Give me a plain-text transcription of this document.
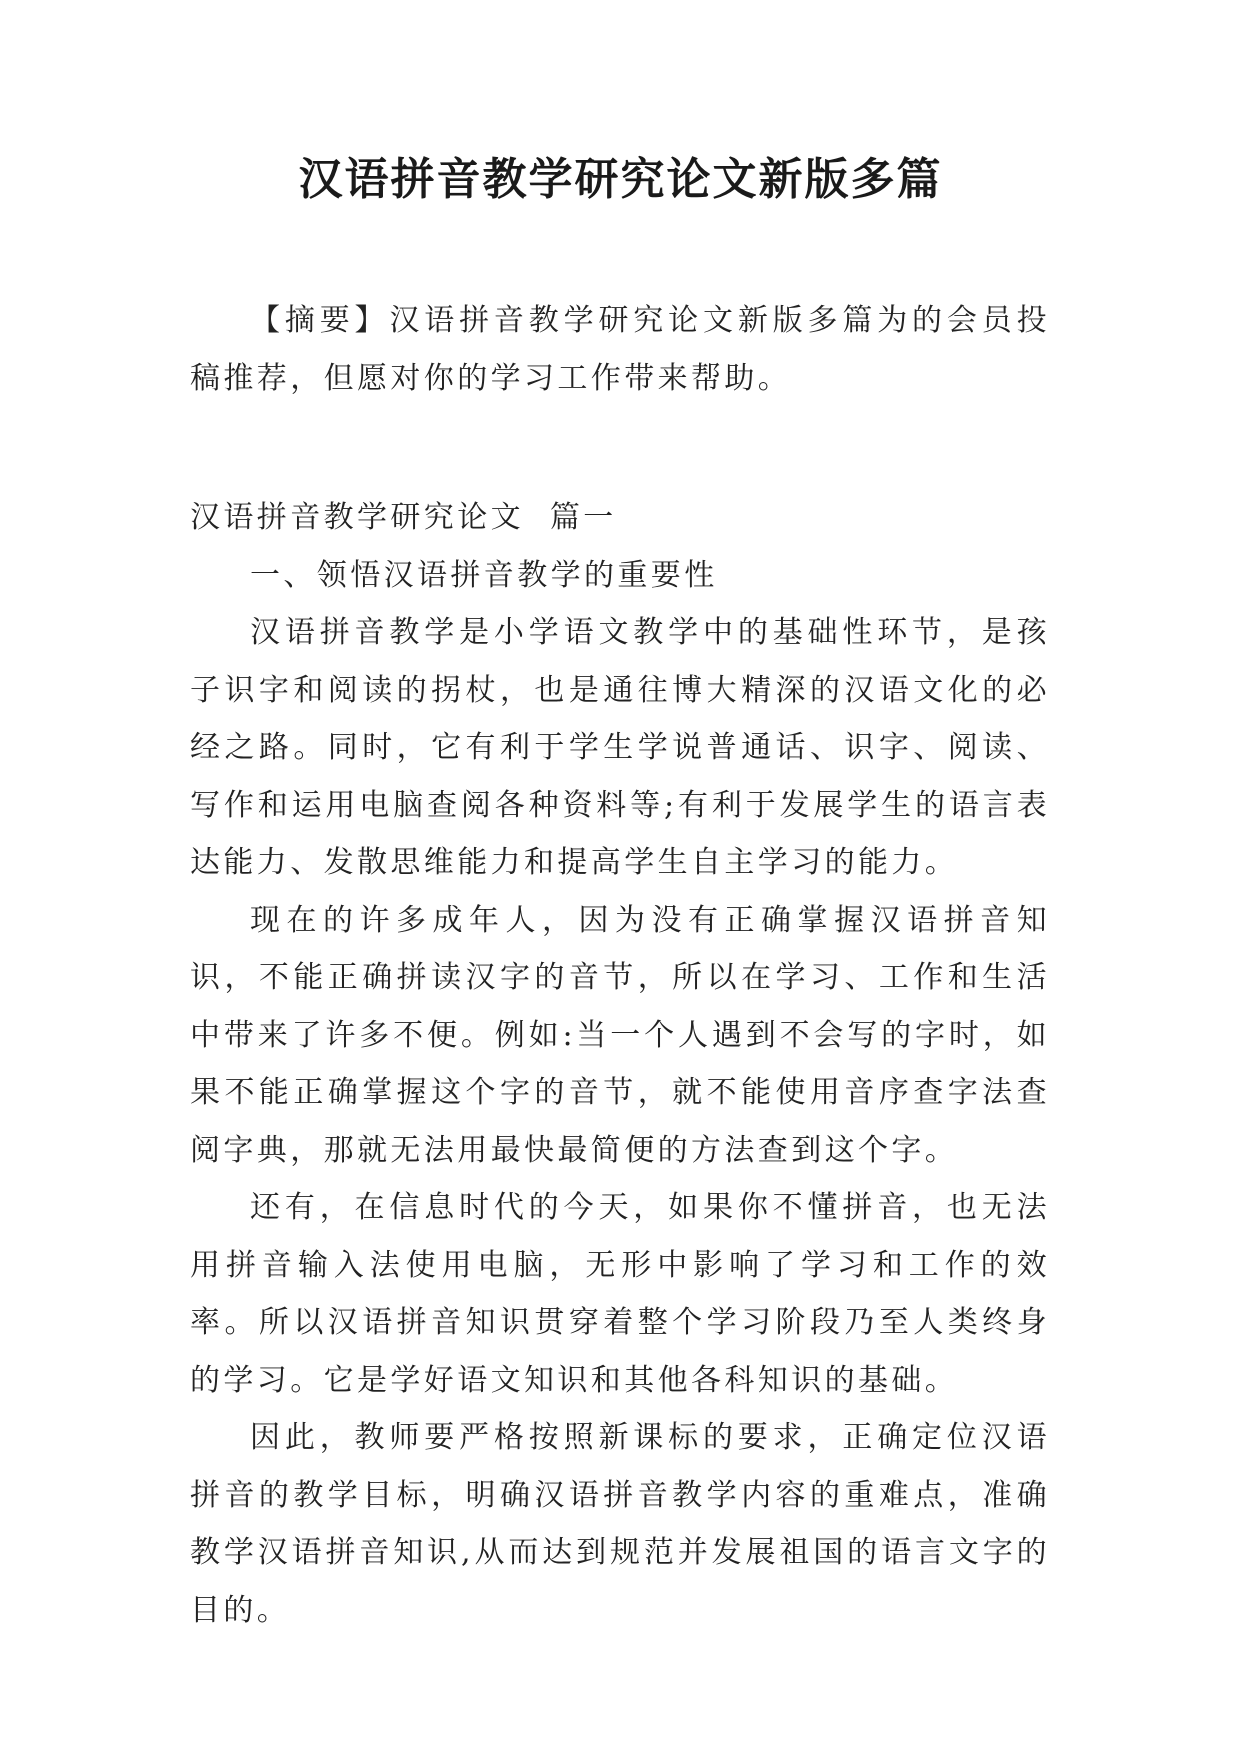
汉语拼音教学研究论文新版多篇

【摘要】汉语拼音教学研究论文新版多篇为的会员投稿推荐，但愿对你的学习工作带来帮助。

汉语拼音教学研究论文  篇一

一、领悟汉语拼音教学的重要性

汉语拼音教学是小学语文教学中的基础性环节，是孩子识字和阅读的拐杖，也是通往博大精深的汉语文化的必经之路。同时，它有利于学生学说普通话、识字、阅读、写作和运用电脑查阅各种资料等;有利于发展学生的语言表达能力、发散思维能力和提高学生自主学习的能力。

现在的许多成年人，因为没有正确掌握汉语拼音知识，不能正确拼读汉字的音节，所以在学习、工作和生活中带来了许多不便。例如:当一个人遇到不会写的字时，如果不能正确掌握这个字的音节，就不能使用音序查字法查阅字典，那就无法用最快最简便的方法查到这个字。

还有，在信息时代的今天，如果你不懂拼音，也无法用拼音输入法使用电脑，无形中影响了学习和工作的效率。所以汉语拼音知识贯穿着整个学习阶段乃至人类终身的学习。它是学好语文知识和其他各科知识的基础。

因此，教师要严格按照新课标的要求，正确定位汉语拼音的教学目标，明确汉语拼音教学内容的重难点，准确教学汉语拼音知识,从而达到规范并发展祖国的语言文字的目的。
